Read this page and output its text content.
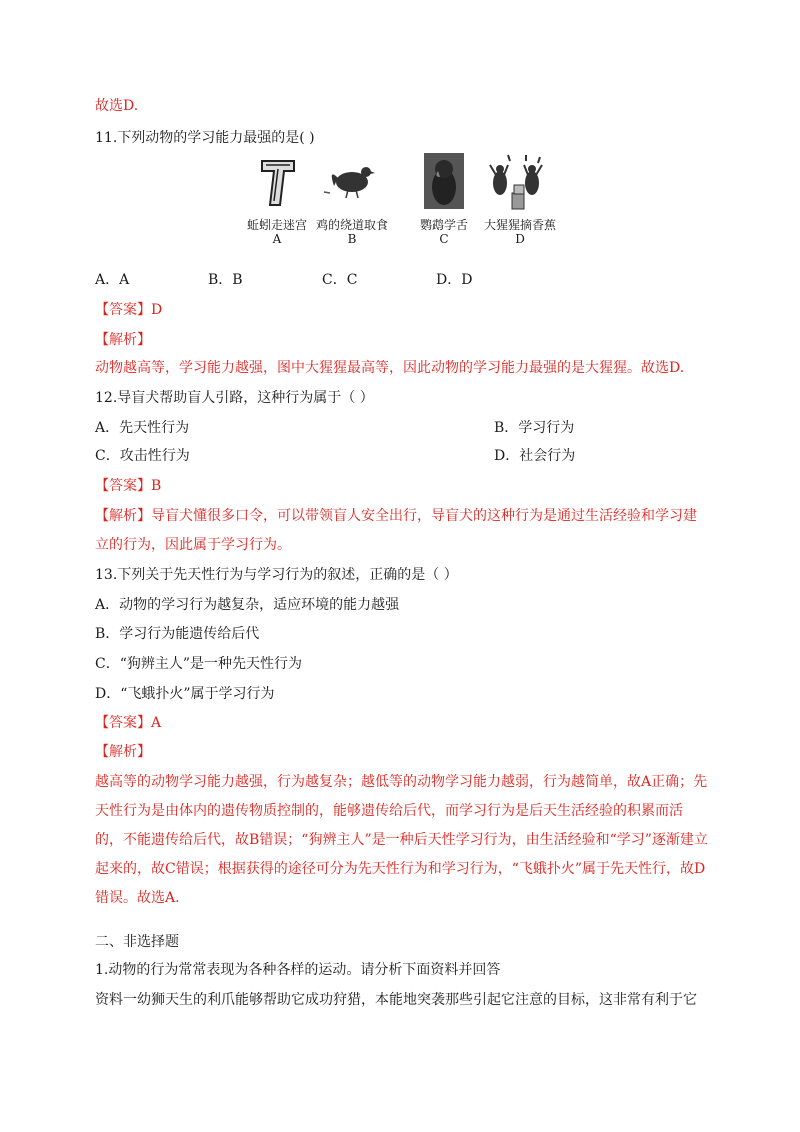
故选D.
11.下列动物的学习能力最强的是( )
蚯蚓走迷宫
A
鸡的绕道取食
B
鹦鹉学舌
C
大猩猩摘香蕉
D
A．A	B．B	C．C	D．D
【答案】D
【解析】
动物越高等，学习能力越强，图中大猩猩最高等，因此动物的学习能力最强的是大猩猩。故选D.
12.导盲犬帮助盲人引路，这种行为属于（ ）
A．先天性行为	B．学习行为
C．攻击性行为	D．社会行为
【答案】B
【解析】导盲犬懂很多口令，可以带领盲人安全出行，导盲犬的这种行为是通过生活经验和学习建立的行为，因此属于学习行为。
13.下列关于先天性行为与学习行为的叙述，正确的是（ ）
A．动物的学习行为越复杂，适应环境的能力越强
B．学习行为能遗传给后代
C．“狗辨主人”是一种先天性行为
D．“飞蛾扑火”属于学习行为
【答案】A
【解析】
越高等的动物学习能力越强，行为越复杂；越低等的动物学习能力越弱，行为越简单，故A正确；先天性行为是由体内的遗传物质控制的，能够遗传给后代，而学习行为是后天生活经验的积累而活的，不能遗传给后代，故B错误；“狗辨主人”是一种后天性学习行为，由生活经验和“学习”逐渐建立起来的，故C错误；根据获得的途径可分为先天性行为和学习行为，“飞蛾扑火”属于先天性行，故D错误。故选A.
二、非选择题
1.动物的行为常常表现为各种各样的运动。请分析下面资料并回答
资料一幼狮天生的利爪能够帮助它成功狩猎，本能地突袭那些引起它注意的目标，这非常有利于它
